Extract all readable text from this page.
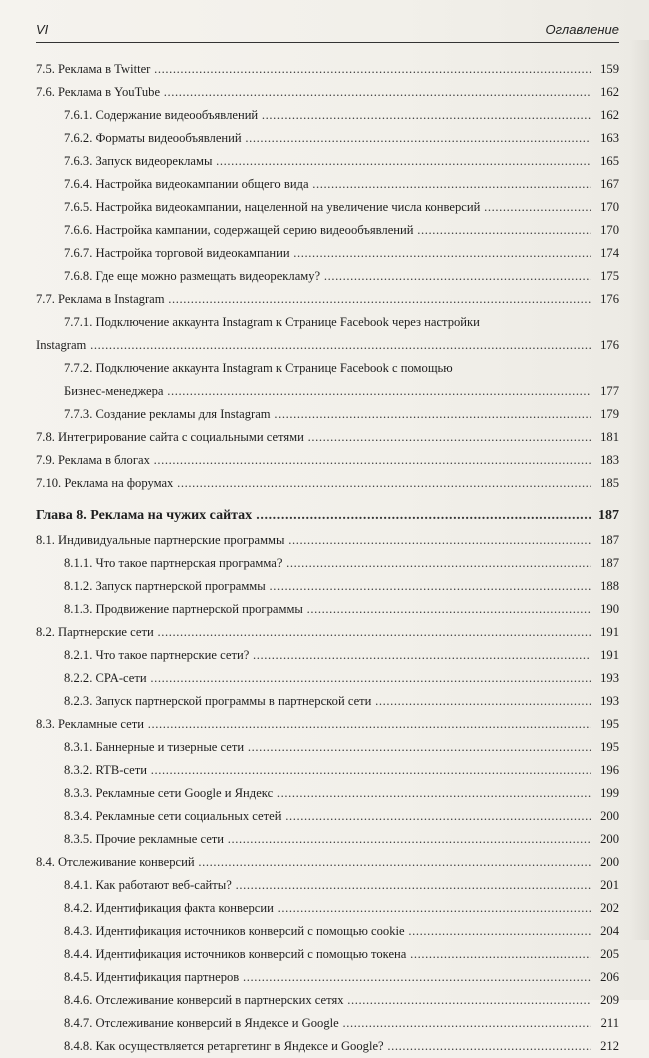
VI	Оглавление
7.5. Реклама в Twitter .....	159
7.6. Реклама в YouTube .....	162
7.6.1. Содержание видеообъявлений .....	162
7.6.2. Форматы видеообъявлений .....	163
7.6.3. Запуск видеорекламы .....	165
7.6.4. Настройка видеокампании общего вида .....	167
7.6.5. Настройка видеокампании, нацеленной на увеличение числа конверсий .....	170
7.6.6. Настройка кампании, содержащей серию видеообъявлений .....	170
7.6.7. Настройка торговой видеокампании .....	174
7.6.8. Где еще можно размещать видеорекламу? .....	175
7.7. Реклама в Instagram .....	176
7.7.1. Подключение аккаунта Instagram к Странице Facebook через настройки
Instagram .....	176
7.7.2. Подключение аккаунта Instagram к Странице Facebook с помощью
Бизнес-менеджера .....	177
7.7.3. Создание рекламы для Instagram .....	179
7.8. Интегрирование сайта с социальными сетями .....	181
7.9. Реклама в блогах .....	183
7.10. Реклама на форумах .....	185
Глава 8. Реклама на чужих сайтах .....	187
8.1. Индивидуальные партнерские программы .....	187
8.1.1. Что такое партнерская программа? .....	187
8.1.2. Запуск партнерской программы .....	188
8.1.3. Продвижение партнерской программы .....	190
8.2. Партнерские сети .....	191
8.2.1. Что такое партнерские сети? .....	191
8.2.2. CPA-сети .....	193
8.2.3. Запуск партнерской программы в партнерской сети .....	193
8.3. Рекламные сети .....	195
8.3.1. Баннерные и тизерные сети .....	195
8.3.2. RTB-сети .....	196
8.3.3. Рекламные сети Google и Яндекс .....	199
8.3.4. Рекламные сети социальных сетей .....	200
8.3.5. Прочие рекламные сети .....	200
8.4. Отслеживание конверсий .....	200
8.4.1. Как работают веб-сайты? .....	201
8.4.2. Идентификация факта конверсии .....	202
8.4.3. Идентификация источников конверсий с помощью cookie .....	204
8.4.4. Идентификация источников конверсий с помощью токена .....	205
8.4.5. Идентификация партнеров .....	206
8.4.6. Отслеживание конверсий в партнерских сетях .....	209
8.4.7. Отслеживание конверсий в Яндексе и Google .....	211
8.4.8. Как осуществляется ретаргетинг в Яндексе и Google? .....	212
